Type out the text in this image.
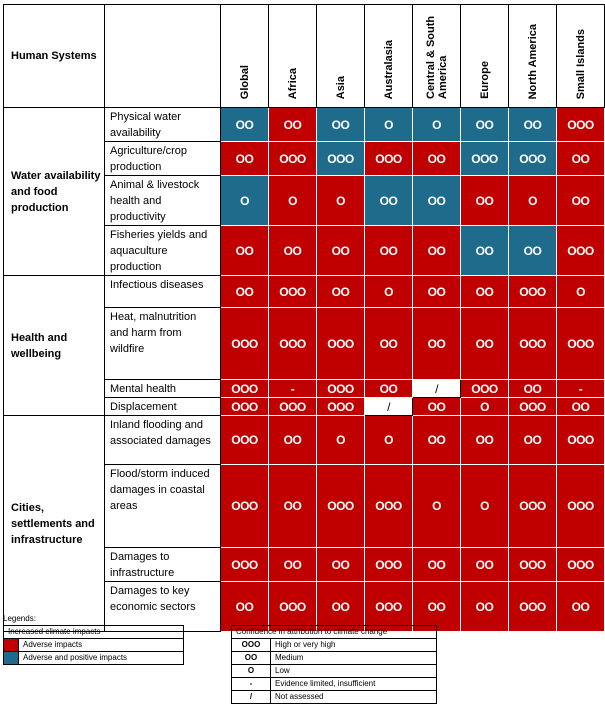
Human Systems		Global	Africa	Asia	Australasia	Central & South America	Europe	North America	Small Islands

Water availability and food production	Physical water availability	OO	OO	OO	O	O	OO	OO	OOO
	Agriculture/crop production	OO	OOO	OOO	OOO	OO	OOO	OOO	OO
	Animal & livestock health and productivity	O	O	O	OO	OO	OO	O	OO
	Fisheries yields and aquaculture production	OO	OO	OO	OO	OO	OO	OO	OOO
Health and wellbeing	Infectious diseases	OO	OOO	OO	O	OO	OO	OOO	O
	Heat, malnutrition and harm from wildfire	OOO	OOO	OOO	OO	OO	OO	OOO	OOO
	Mental health	OOO	-	OOO	OO	/	OOO	OO	-
	Displacement	OOO	OOO	OOO	/	OO	O	OOO	OO
Cities, settlements and infrastructure	Inland flooding and associated damages	OOO	OO	O	O	OO	OO	OO	OOO
	Flood/storm induced damages in coastal areas	OOO	OO	OOO	OOO	O	O	OOO	OOO
	Damages to infrastructure	OOO	OO	OO	OOO	OO	OO	OOO	OOO
	Damages to key economic sectors	OO	OOO	OO	OOO	OO	OO	OOO	OO
Legends:
Increased climate impacts	
	Adverse impacts
	Adverse and positive impacts
Confidence in attribution to climate change	
OOO	High or very high
OO	Medium
O	Low
-	Evidence limited, insufficient
/	Not assessed
